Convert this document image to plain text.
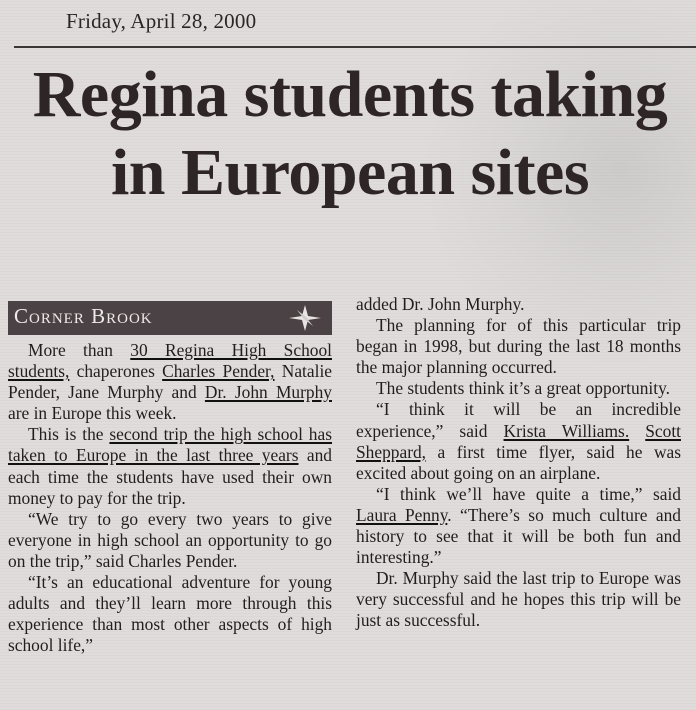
Friday, April 28, 2000
Regina students taking in European sites
Corner Brook

More than 30 Regina High School students, chaperones Charles Pender, Natalie Pender, Jane Murphy and Dr. John Murphy are in Europe this week.

This is the second trip the high school has taken to Europe in the last three years and each time the students have used their own money to pay for the trip.

“We try to go every two years to give everyone in high school an opportunity to go on the trip,” said Charles Pender.

“It’s an educational adventure for young adults and they’ll learn more through this experience than most other aspects of high school life,”

added Dr. John Murphy.

The planning for of this particular trip began in 1998, but during the last 18 months the major planning occurred.

The students think it’s a great opportunity.

“I think it will be an incredible experience,” said Krista Williams. Scott Sheppard, a first time flyer, said he was excited about going on an airplane.

“I think we’ll have quite a time,” said Laura Penny. “There’s so much culture and history to see that it will be both fun and interesting.”

Dr. Murphy said the last trip to Europe was very successful and he hopes this trip will be just as successful.
